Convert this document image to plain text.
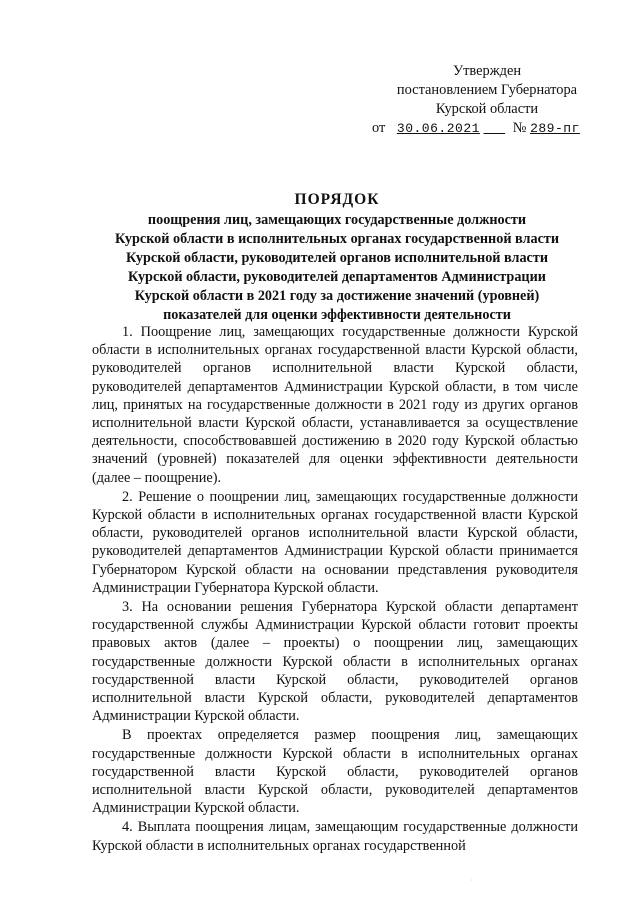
Утвержден
постановлением Губернатора
Курской области
от 30.06.2021    № 289-пг
ПОРЯДОК
поощрения лиц, замещающих государственные должности
Курской области в исполнительных органах государственной власти
Курской области, руководителей органов исполнительной власти
Курской области, руководителей департаментов Администрации
Курской области в 2021 году за достижение значений (уровней)
показателей для оценки эффективности деятельности

1. Поощрение лиц, замещающих государственные должности Курской области в исполнительных органах государственной власти Курской области, руководителей органов исполнительной власти Курской области, руководителей департаментов Администрации Курской области, в том числе лиц, принятых на государственные должности в 2021 году из других органов исполнительной власти Курской области, устанавливается за осуществление деятельности, способствовавшей достижению в 2020 году Курской областью значений (уровней) показателей для оценки эффективности деятельности (далее – поощрение).

2. Решение о поощрении лиц, замещающих государственные должности Курской области в исполнительных органах государственной власти Курской области, руководителей органов исполнительной власти Курской области, руководителей департаментов Администрации Курской области принимается Губернатором Курской области на основании представления руководителя Администрации Губернатора Курской области.

3. На основании решения Губернатора Курской области департамент государственной службы Администрации Курской области готовит проекты правовых актов (далее – проекты) о поощрении лиц, замещающих государственные должности Курской области в исполнительных органах государственной власти Курской области, руководителей органов исполнительной власти Курской области, руководителей департаментов Администрации Курской области.

В проектах определяется размер поощрения лиц, замещающих государственные должности Курской области в исполнительных органах государственной власти Курской области, руководителей органов исполнительной власти Курской области, руководителей департаментов Администрации Курской области.

4. Выплата поощрения лицам, замещающим государственные должности Курской области в исполнительных органах государственной

· ·
